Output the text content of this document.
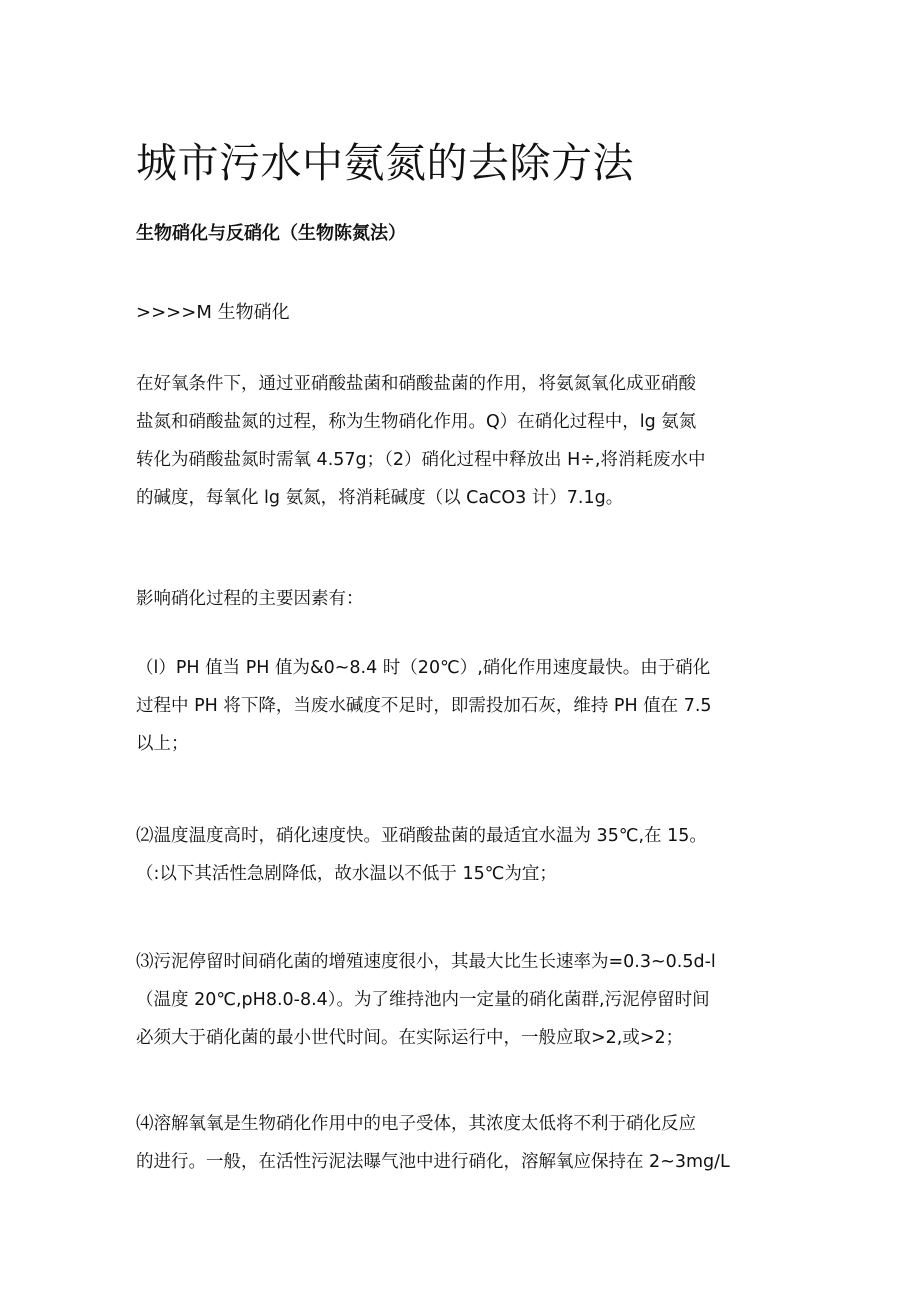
城市污水中氨氮的去除方法
生物硝化与反硝化（生物陈氮法）
>>>>M 生物硝化

在好氧条件下，通过亚硝酸盐菌和硝酸盐菌的作用，将氨氮氧化成亚硝酸
盐氮和硝酸盐氮的过程，称为生物硝化作用。Q）在硝化过程中，lg 氨氮
转化为硝酸盐氮时需氧 4.57g；（2）硝化过程中释放出 H÷,将消耗废水中
的碱度，每氧化 lg 氨氮，将消耗碱度（以 CaCO3 计）7.1g。

影响硝化过程的主要因素有：

（l）PH 值当 PH 值为&0~8.4 时（20℃）,硝化作用速度最快。由于硝化
过程中 PH 将下降，当废水碱度不足时，即需投加石灰，维持 PH 值在 7.5
以上；

⑵温度温度高时，硝化速度快。亚硝酸盐菌的最适宜水温为 35℃,在 15。
（:以下其活性急剧降低，故水温以不低于 15℃为宜；

⑶污泥停留时间硝化菌的增殖速度很小，其最大比生长速率为=0.3~0.5d-l
（温度 20℃,pH8.0-8.4）。为了维持池内一定量的硝化菌群,污泥停留时间
必须大于硝化菌的最小世代时间。在实际运行中，一般应取>2,或>2；

⑷溶解氧氧是生物硝化作用中的电子受体，其浓度太低将不利于硝化反应
的进行。一般，在活性污泥法曝气池中进行硝化，溶解氧应保持在 2~3mg∕L
